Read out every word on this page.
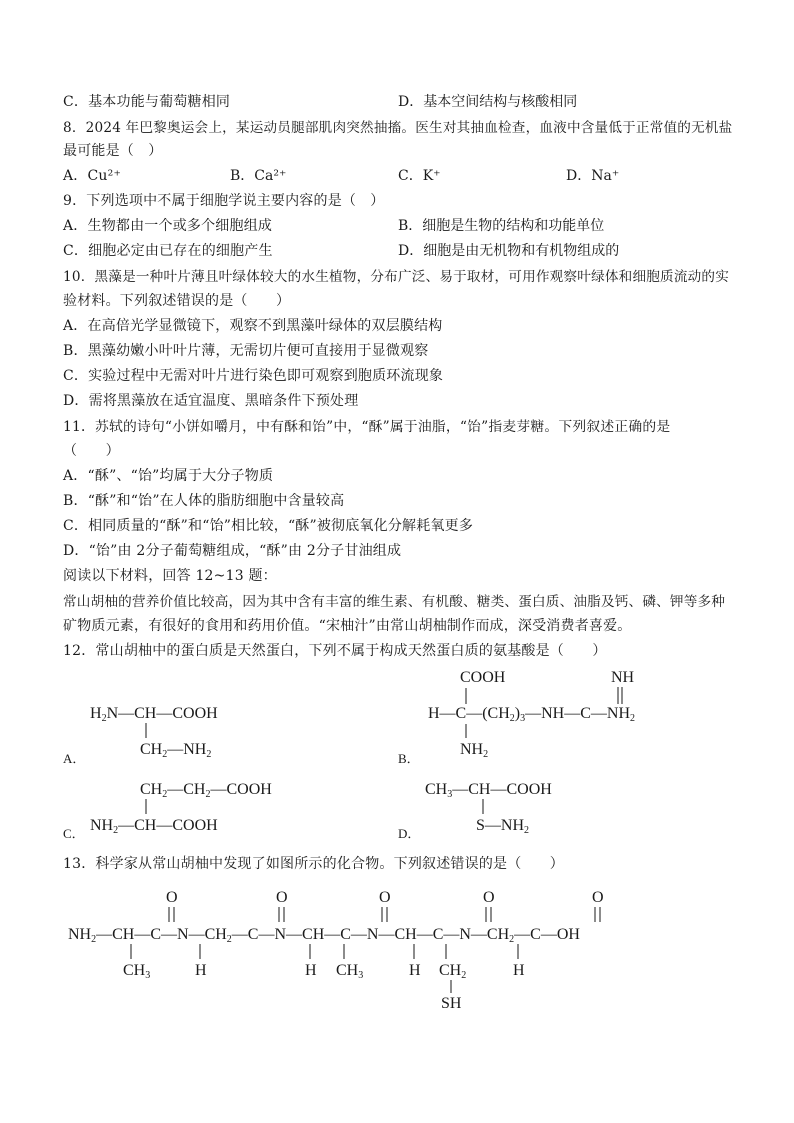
C．基本功能与葡萄糖相同	D．基本空间结构与核酸相同
8．2024 年巴黎奥运会上，某运动员腿部肌肉突然抽搐。医生对其抽血检查，血液中含量低于正常值的无机盐
最可能是（　）
A．Cu²⁺	B．Ca²⁺	C．K⁺	D．Na⁺
9．下列选项中不属于细胞学说主要内容的是（　）
A．生物都由一个或多个细胞组成	B．细胞是生物的结构和功能单位
C．细胞必定由已存在的细胞产生	D．细胞是由无机物和有机物组成的
10．黑藻是一种叶片薄且叶绿体较大的水生植物，分布广泛、易于取材，可用作观察叶绿体和细胞质流动的实
验材料。下列叙述错误的是（　　）
A．在高倍光学显微镜下，观察不到黑藻叶绿体的双层膜结构
B．黑藻幼嫩小叶叶片薄，无需切片便可直接用于显微观察
C．实验过程中无需对叶片进行染色即可观察到胞质环流现象
D．需将黑藻放在适宜温度、黑暗条件下预处理
11．苏轼的诗句“小饼如嚼月，中有酥和饴”中，“酥”属于油脂，“饴”指麦芽糖。下列叙述正确的是
（　　）
A．“酥”、“饴”均属于大分子物质
B．“酥”和“饴”在人体的脂肪细胞中含量较高
C．相同质量的“酥”和“饴”相比较，“酥”被彻底氧化分解耗氧更多
D．“饴”由 2分子葡萄糖组成，“酥”由 2分子甘油组成
阅读以下材料，回答 12~13 题：
常山胡柚的营养价值比较高，因为其中含有丰富的维生素、有机酸、糖类、蛋白质、油脂及钙、磷、钾等多种
矿物质元素，有很好的食用和药用价值。“宋柚汁”由常山胡柚制作而成，深受消费者喜爱。
12．常山胡柚中的蛋白质是天然蛋白，下列不属于构成天然蛋白质的氨基酸是（　　）
A．
H2N—CH—COOH
CH2—NH2	B．
COOH
H—C—(CH2)3—NH—C—NH2
NH2
NH
C．
CH2—CH2—COOH
NH2—CH—COOH	D．
CH3—CH—COOH
S—NH2
13．科学家从常山胡柚中发现了如图所示的化合物。下列叙述错误的是（　　）
O	O	O	O	O
NH2—CH—C—N—CH2—C—N—CH—C—N—CH—C—N—CH2—C—OH
CH3	H	H CH3	H CH2	H
SH
